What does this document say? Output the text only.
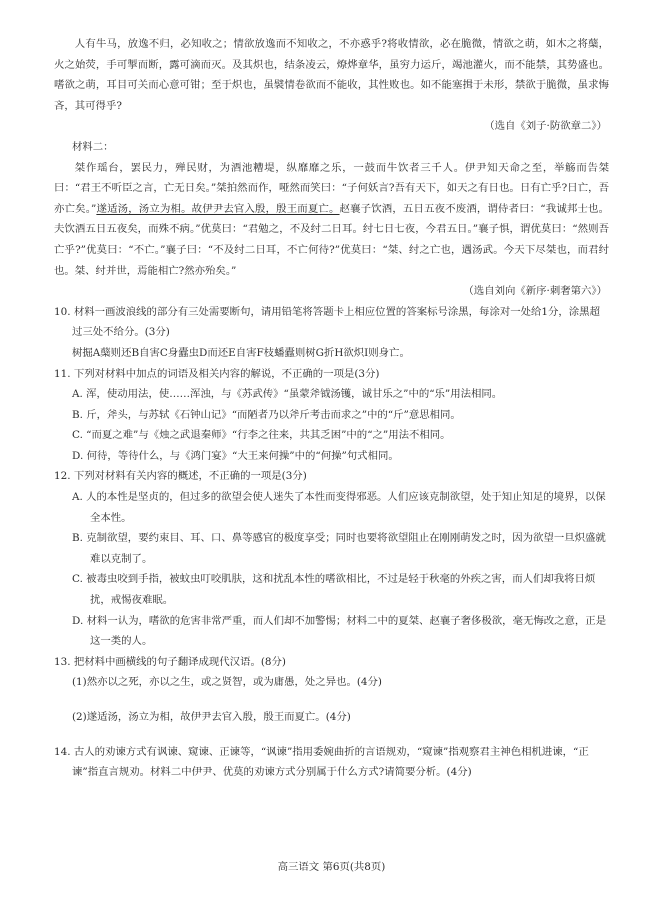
人有牛马，放逸不归，必知收之；情欲放逸而不知收之，不亦惑乎?将收情欲，必在脆微，情欲之萌，如木之将蘖，火之始荧，手可掣而断，露可滴而灭。及其炽也，结条凌云，燎烨章华，虽穷力运斤，竭池灌火，而不能禁，其势盛也。嗜欲之萌，耳目可关而心意可钳；至于炽也，虽襞情卷欲而不能收，其性败也。如不能塞揖于未形，禁欲于脆微，虽求悔吝，其可得乎?

（选自《刘子·防欲章二》）

材料二：

桀作瑶台，罢民力，殚民财，为酒池糟堤，纵靡靡之乐，一鼓而牛饮者三千人。伊尹知天命之至，举觞而告桀曰：“君王不听臣之言，亡无日矣。”桀拍然而作，哑然而笑曰：“子何妖言?吾有天下，如天之有日也。日有亡乎?日亡，吾亦亡矣。”遂适汤，汤立为相。故伊尹去官入殷，殷王而夏亡。赵襄子饮酒，五日五夜不废酒，谓侍者曰：“我诚邦士也。夫饮酒五日五夜矣，而殊不病。”优莫曰：“君勉之，不及纣二日耳。纣七日七夜，今君五日。”襄子惧，谓优莫曰：“然则吾亡乎?”优莫曰：“不亡。”襄子曰：“不及纣二日耳，不亡何待?”优莫曰：“桀、纣之亡也，遇汤武。今天下尽桀也，而君纣也。桀、纣并世，焉能相亡?然亦殆矣。”

（选自刘向《新序·刺奢第六》）

10. 材料一画波浪线的部分有三处需要断句，请用铅笔将答题卡上相应位置的答案标号涂黑，每涂对一处给1分，涂黑超过三处不给分。(3分)

树掘A蘖则还B自害C身蠹虫D而还E自害F枝蟠蠹则树G折H欲炽I则身亡。

11. 下列对材料中加点的词语及相关内容的解说，不正确的一项是(3分)

A. 浑，使动用法，使……浑浊，与《苏武传》“虽蒙斧钺汤镬，诚甘乐之”中的“乐”用法相同。

B. 斤，斧头，与苏轼《石钟山记》“而陋者乃以斧斤考击而求之”中的“斤”意思相同。

C. “而夏之难”与《烛之武退秦师》“行李之往来，共其乏困”中的“之”用法不相同。

D. 何待，等待什么，与《鸿门宴》“大王来何操”中的“何操”句式相同。

12. 下列对材料有关内容的概述，不正确的一项是(3分)

A. 人的本性是坚贞的，但过多的欲望会使人迷失了本性而变得邪恶。人们应该克制欲望，处于知止知足的境界，以保全本性。

B. 克制欲望，要约束目、耳、口、鼻等感官的极度享受；同时也要将欲望阻止在刚刚萌发之时，因为欲望一旦炽盛就难以克制了。

C. 被毒虫咬到手指，被蚊虫叮咬肌肤，这和扰乱本性的嗜欲相比，不过是轻于秋毫的外疾之害，而人们却我将日烦扰，戒惕夜难眠。

D. 材料一认为，嗜欲的危害非常严重，而人们却不加警惕；材料二中的夏桀、赵襄子奢侈极欲，毫无悔改之意，正是这一类的人。

13. 把材料中画横线的句子翻译成现代汉语。(8分)

(1)然亦以之死，亦以之生，或之贤智，或为庸愚，处之异也。(4分)

(2)遂适汤，汤立为相，故伊尹去官入殷，殷王而夏亡。(4分)

14. 古人的劝谏方式有讽谏、窥谏、正谏等，“讽谏”指用委婉曲折的言语规劝，“窥谏”指观察君主神色相机进谏，“正谏”指直言规劝。材料二中伊尹、优莫的劝谏方式分别属于什么方式?请简要分析。(4分)

高三语文 第6页(共8页)
